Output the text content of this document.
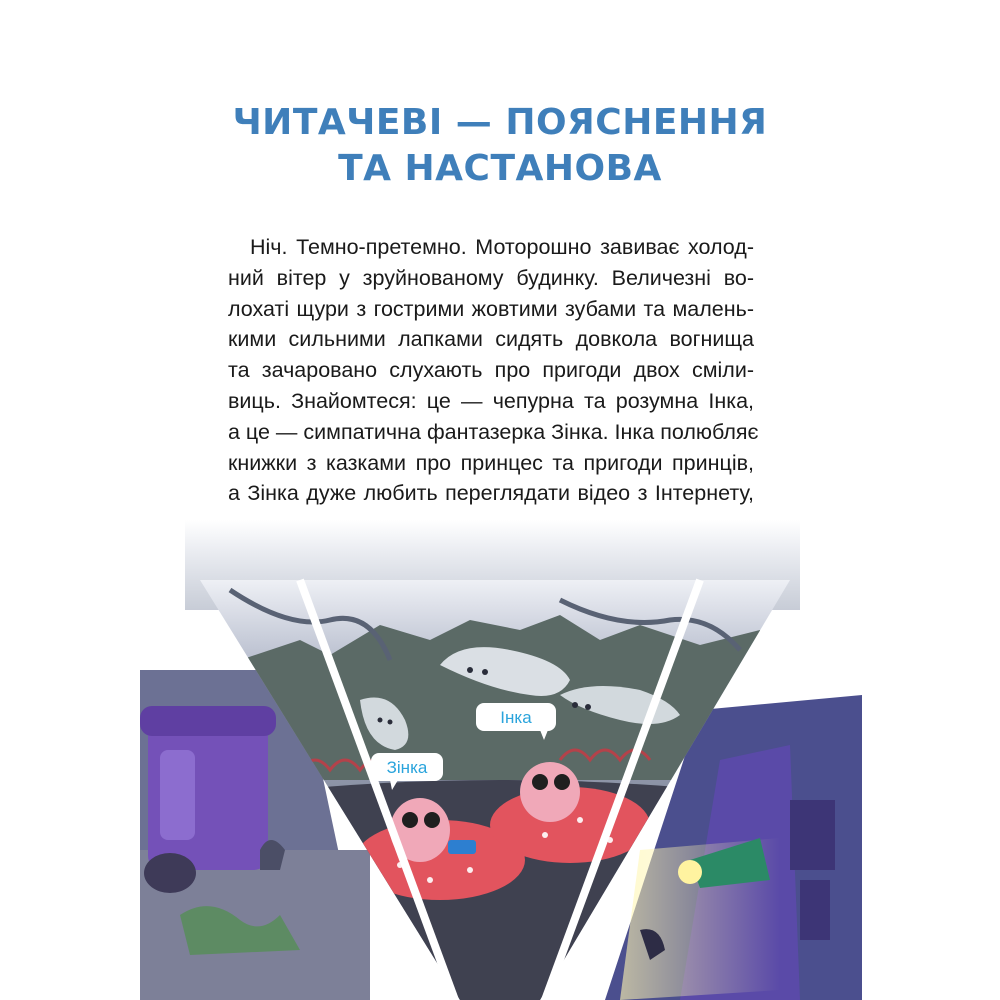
ЧИТАЧЕВІ — ПОЯСНЕННЯ
ТА НАСТАНОВА
Ніч. Темно-претемно. Моторошно завиває холод-
ний вітер у зруйнованому будинку. Величезні во-
лохаті щури з гострими жовтими зубами та малень-
кими сильними лапками сидять довкола вогнища
та зачаровано слухають про пригоди двох сміли-
виць. Знайомтеся: це — чепурна та розумна Інка,
а це — симпатична фантазерка Зінка. Інка полюбляє
книжки з казками про принцес та пригоди принців,
а Зінка дуже любить переглядати відео з Інтернету,
Зінка
Інка
